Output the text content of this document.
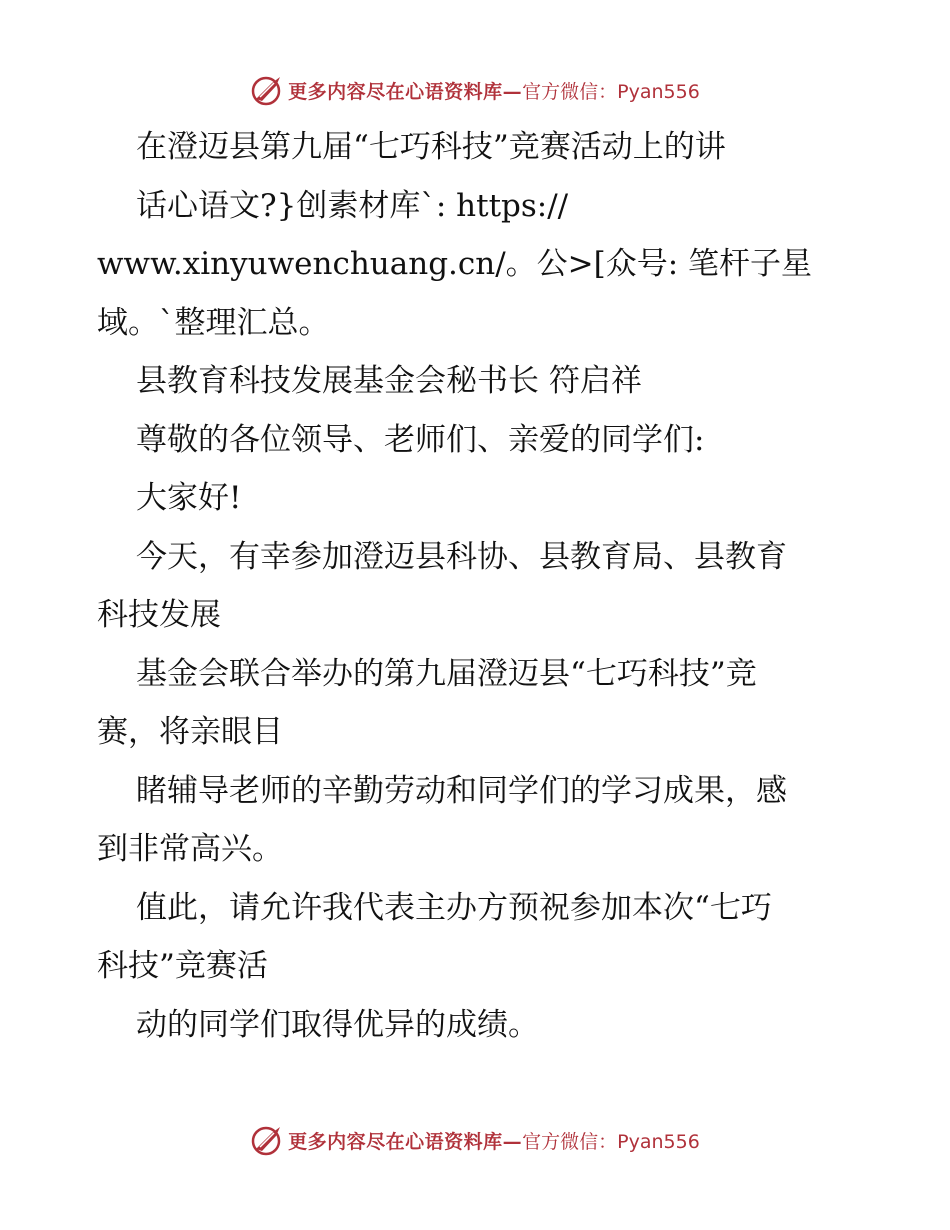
更多内容尽在心语资料库— 官方微信：Pyan556
在澄迈县第九届“七巧科技”竞赛活动上的讲
话心语文?}创素材库`: https://
www.xinyuwenchuang.cn/。公>[众号: 笔杆子星
域。`整理汇总。
县教育科技发展基金会秘书长 符启祥
尊敬的各位领导、老师们、亲爱的同学们:
大家好!
今天，有幸参加澄迈县科协、县教育局、县教育
科技发展
基金会联合举办的第九届澄迈县“七巧科技”竞
赛，将亲眼目
睹辅导老师的辛勤劳动和同学们的学习成果，感
到非常高兴。
值此，请允许我代表主办方预祝参加本次“七巧
科技”竞赛活
动的同学们取得优异的成绩。
更多内容尽在心语资料库— 官方微信：Pyan556
